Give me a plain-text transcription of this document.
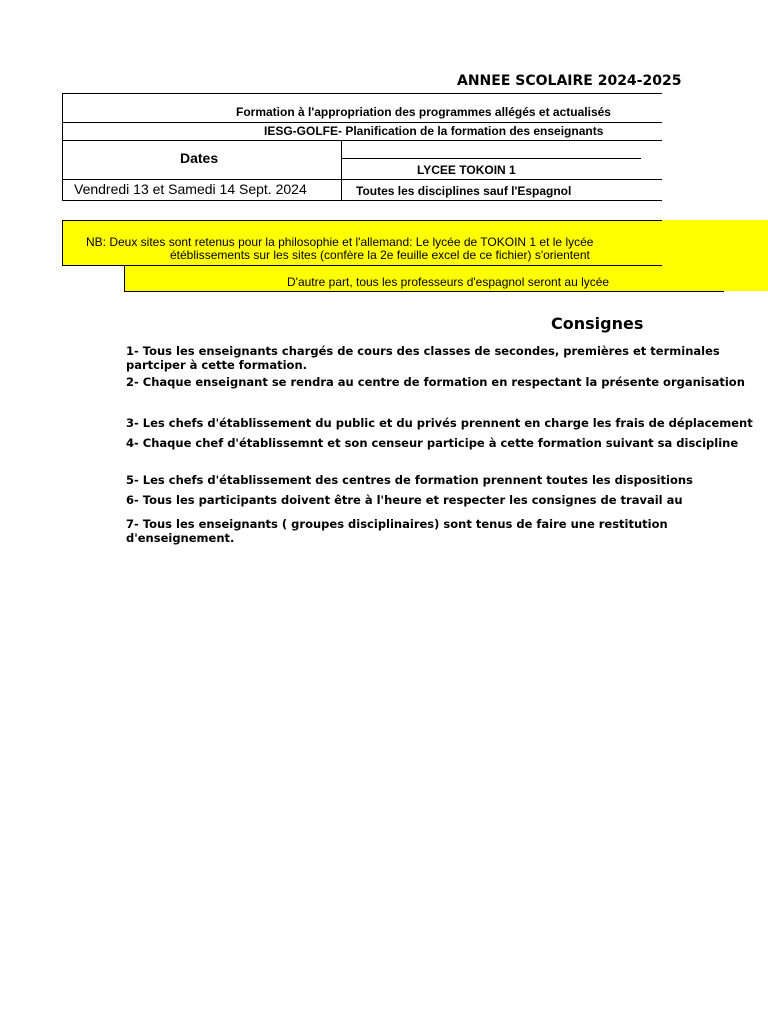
ANNEE SCOLAIRE 2024-2025
Formation à l'appropriation des programmes allégés et actualisés
IESG-GOLFE- Planification de la formation des enseignants
Dates
LYCEE TOKOIN 1
Vendredi 13 et Samedi 14 Sept. 2024	Toutes les disciplines sauf l'Espagnol
NB: Deux sites sont retenus pour la philosophie et l'allemand: Le lycée de TOKOIN 1 et le lycée
étéblissements sur les sites (confère la 2e feuille excel de ce fichier) s'orientent
D'autre part, tous les professeurs d'espagnol seront au lycée
Consignes
1- Tous les enseignants chargés de cours des classes de secondes, premières et terminales
partciper à cette formation.
2- Chaque enseignant se rendra au centre de formation en respectant la présente organisation
3- Les chefs d'établissement du public et du privés prennent en charge les frais de déplacement
4- Chaque chef d'établissemnt et son censeur participe à cette formation suivant sa discipline
5- Les chefs d'établissement des centres de formation prennent toutes les dispositions
6- Tous les participants doivent être à l'heure et respecter les consignes de travail au
7- Tous les enseignants ( groupes disciplinaires) sont tenus de faire une restitution
d'enseignement.
